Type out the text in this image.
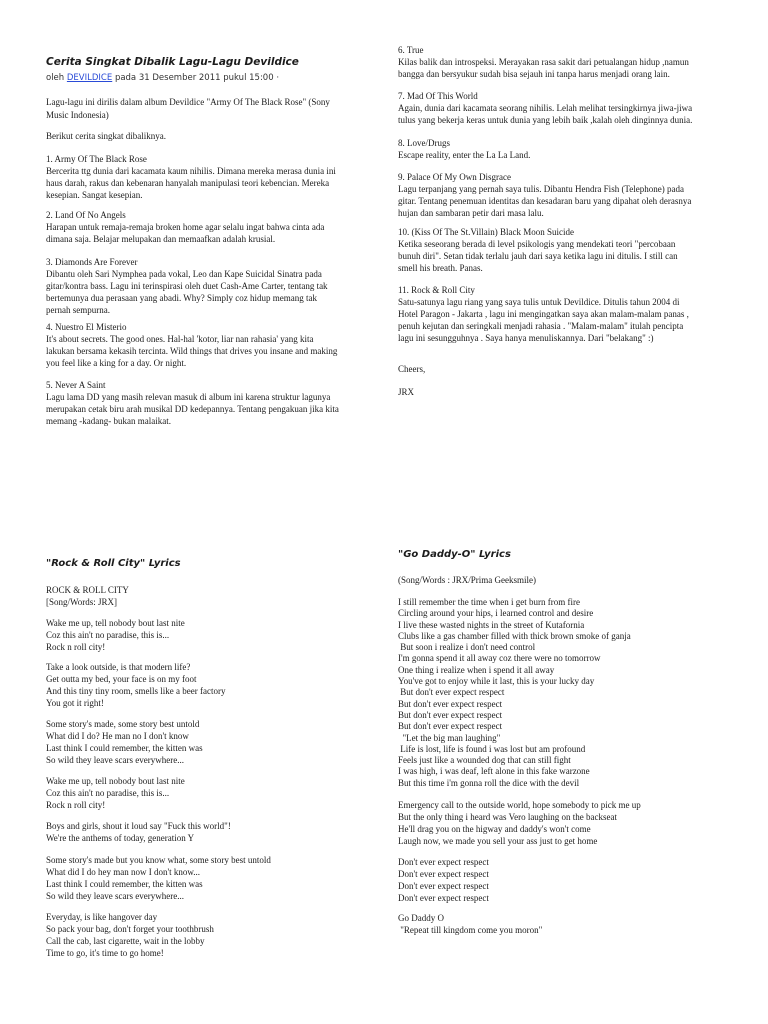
Cerita Singkat Dibalik Lagu-Lagu Devildice
oleh DEVILDICE pada 31 Desember 2011 pukul 15:00 ·
Lagu-lagu ini dirilis dalam album Devildice "Army Of The Black Rose" (Sony
Music Indonesia)
Berikut cerita singkat dibaliknya.
1. Army Of The Black Rose
Bercerita ttg dunia dari kacamata kaum nihilis. Dimana mereka merasa dunia ini
haus darah, rakus dan kebenaran hanyalah manipulasi teori kebencian. Mereka
kesepian. Sangat kesepian.
2. Land Of No Angels
Harapan untuk remaja-remaja broken home agar selalu ingat bahwa cinta ada
dimana saja. Belajar melupakan dan memaafkan adalah krusial.
3. Diamonds Are Forever
Dibantu oleh Sari Nymphea pada vokal, Leo dan Kape Suicidal Sinatra pada
gitar/kontra bass. Lagu ini terinspirasi oleh duet Cash-Ame Carter, tentang tak
bertemunya dua perasaan yang abadi. Why? Simply coz hidup memang tak
pernah sempurna.
4. Nuestro El Misterio
It's about secrets. The good ones. Hal-hal 'kotor, liar nan rahasia' yang kita
lakukan bersama kekasih tercinta. Wild things that drives you insane and making
you feel like a king for a day. Or night.
5. Never A Saint
Lagu lama DD yang masih relevan masuk di album ini karena struktur lagunya
merupakan cetak biru arah musikal DD kedepannya. Tentang pengakuan jika kita
memang -kadang- bukan malaikat.
6. True
Kilas balik dan introspeksi. Merayakan rasa sakit dari petualangan hidup ,namun
bangga dan bersyukur sudah bisa sejauh ini tanpa harus menjadi orang lain.
7. Mad Of This World
Again, dunia dari kacamata seorang nihilis. Lelah melihat tersingkirnya jiwa-jiwa
tulus yang bekerja keras untuk dunia yang lebih baik ,kalah oleh dinginnya dunia.
8. Love/Drugs
Escape reality, enter the La La Land.
9. Palace Of My Own Disgrace
Lagu terpanjang yang pernah saya tulis. Dibantu Hendra Fish (Telephone) pada
gitar. Tentang penemuan identitas dan kesadaran baru yang dipahat oleh derasnya
hujan dan sambaran petir dari masa lalu.
10. (Kiss Of The St.Villain) Black Moon Suicide
Ketika seseorang berada di level psikologis yang mendekati teori "percobaan
bunuh diri". Setan tidak terlalu jauh dari saya ketika lagu ini ditulis. I still can
smell his breath. Panas.
11. Rock & Roll City
Satu-satunya lagu riang yang saya tulis untuk Devildice. Ditulis tahun 2004 di
Hotel Paragon - Jakarta , lagu ini mengingatkan saya akan malam-malam panas ,
penuh kejutan dan seringkali menjadi rahasia . "Malam-malam" itulah pencipta
lagu ini sesungguhnya . Saya hanya menuliskannya. Dari "belakang" :)
Cheers,
JRX
"Rock & Roll City" Lyrics
ROCK & ROLL CITY
[Song/Words: JRX]
Wake me up, tell nobody bout last nite
Coz this ain't no paradise, this is...
Rock n roll city!
Take a look outside, is that modern life?
Get outta my bed, your face is on my foot
And this tiny tiny room, smells like a beer factory
You got it right!
Some story's made, some story best untold
What did I do? He man no I don't know
Last think I could remember, the kitten was
So wild they leave scars everywhere...
Wake me up, tell nobody bout last nite
Coz this ain't no paradise, this is...
Rock n roll city!
Boys and girls, shout it loud say "Fuck this world"!
We're the anthems of today, generation Y
Some story's made but you know what, some story best untold
What did I do hey man now I don't know...
Last think I could remember, the kitten was
So wild they leave scars everywhere...
Everyday, is like hangover day
So pack your bag, don't forget your toothbrush
Call the cab, last cigarette, wait in the lobby
Time to go, it's time to go home!
"Go Daddy-O" Lyrics
(Song/Words : JRX/Prima Geeksmile)
I still remember the time when i get burn from fire
Circling around your hips, i learned control and desire
I live these wasted nights in the street of Kutafornia
Clubs like a gas chamber filled with thick brown smoke of ganja
But soon i realize i don't need control
I'm gonna spend it all away coz there were no tomorrow
One thing i realize when i spend it all away
You've got to enjoy while it last, this is your lucky day
But don't ever expect respect
But don't ever expect respect
But don't ever expect respect
But don't ever expect respect
"Let the big man laughing"
Life is lost, life is found i was lost but am profound
Feels just like a wounded dog that can still fight
I was high, i was deaf, left alone in this fake warzone
But this time i'm gonna roll the dice with the devil
Emergency call to the outside world, hope somebody to pick me up
But the only thing i heard was Vero laughing on the backseat
He'll drag you on the higway and daddy's won't come
Laugh now, we made you sell your ass just to get home
Don't ever expect respect
Don't ever expect respect
Don't ever expect respect
Don't ever expect respect
Go Daddy O
"Repeat till kingdom come you moron"
